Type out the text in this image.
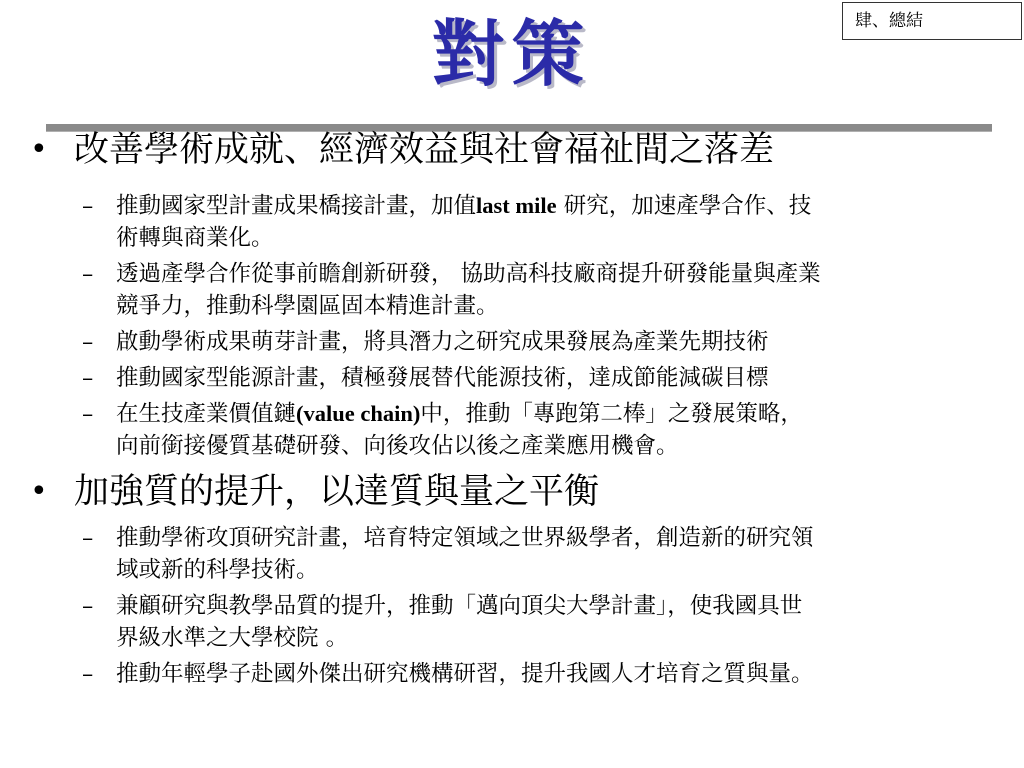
肆、總結
對策
• 改善學術成就、經濟效益與社會福祉間之落差
– 推動國家型計畫成果橋接計畫，加值last mile 研究，加速產學合作、技
術轉與商業化。
– 透過產學合作從事前瞻創新研發， 協助高科技廠商提升研發能量與產業
競爭力，推動科學園區固本精進計畫。
– 啟動學術成果萌芽計畫，將具潛力之研究成果發展為產業先期技術
– 推動國家型能源計畫，積極發展替代能源技術，達成節能減碳目標
– 在生技產業價值鏈(value chain)中，推動「專跑第二棒」之發展策略，
向前銜接優質基礎研發、向後攻佔以後之產業應用機會。
• 加強質的提升，以達質與量之平衡
– 推動學術攻頂研究計畫，培育特定領域之世界級學者，創造新的研究領
域或新的科學技術。
– 兼顧研究與教學品質的提升，推動「邁向頂尖大學計畫」，使我國具世
界級水準之大學校院 。
– 推動年輕學子赴國外傑出研究機構研習，提升我國人才培育之質與量。
